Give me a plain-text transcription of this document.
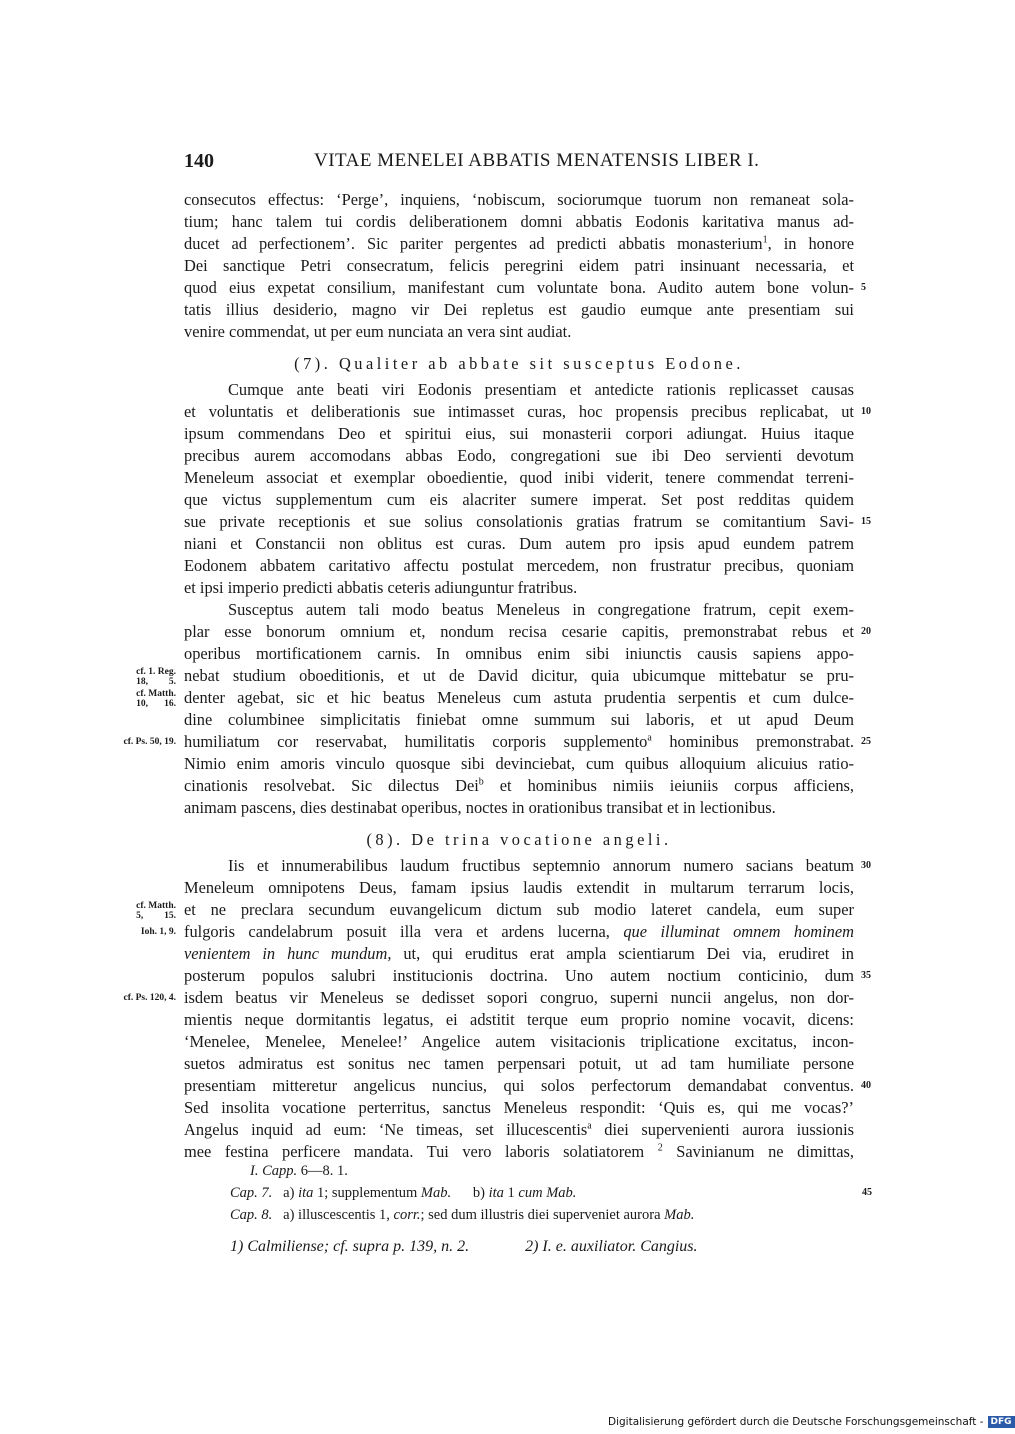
140	VITAE MENELEI ABBATIS MENATENSIS LIBER I.
consecutos effectus: ‘Perge’, inquiens, ‘nobiscum, sociorumque tuorum non remaneat sola-
tium; hanc talem tui cordis deliberationem domni abbatis Eodonis karitativa manus ad-
ducet ad perfectionem’. Sic pariter pergentes ad predicti abbatis monasterium$^1$, in honore
Dei sanctique Petri consecratum, felicis peregrini eidem patri insinuant necessaria, et
quod eius expetat consilium, manifestant cum voluntate bona. Audito autem bone volun- 5
tatis illius desiderio, magno vir Dei repletus est gaudio eumque ante presentiam sui
venire commendat, ut per eum nunciata an vera sint audiat.
(7). Qualiter ab abbate sit susceptus Eodone.
Cumque ante beati viri Eodonis presentiam et antedicte rationis replicasset causas
et voluntatis et deliberationis sue intimasset curas, hoc propensis precibus replicabat, ut 10
ipsum commendans Deo et spiritui eius, sui monasterii corpori adiungat. Huius itaque
precibus aurem accomodans abbas Eodo, congregationi sue ibi Deo servienti devotum
Meneleum associat et exemplar oboedientie, quod inibi viderit, tenere commendat terreni-
que victus supplementum cum eis alacriter sumere imperat. Set post redditas quidem
sue private receptionis et sue solius consolationis gratias fratrum se comitantium Savi- 15
niani et Constancii non oblitus est curas. Dum autem pro ipsis apud eundem patrem
Eodonem abbatem caritativo affectu postulat mercedem, non frustratur precibus, quoniam
et ipsi imperio predicti abbatis ceteris adiunguntur fratribus.
Susceptus autem tali modo beatus Meneleus in congregatione fratrum, cepit exem-
plar esse bonorum omnium et, nondum recisa cesarie capitis, premonstrabat rebus et 20
operibus mortificationem carnis. In omnibus enim sibi iniunctis causis sapiens appo-
cf. 1. Reg.
18, 5. nebat studium oboeditionis, et ut de David dicitur, quia ubicumque mittebatur se pru-
cf. Matth.
10, 16. denter agebat, sic et hic beatus Meneleus cum astuta prudentia serpentis et cum dulce-
dine columbinee simplicitatis finiebat omne summum sui laboris, et ut apud Deum
cf. Ps. 50, 19. humiliatum cor reservabat, humilitatis corporis supplemento$^a$ hominibus premonstrabat. 25
Nimio enim amoris vinculo quosque sibi devinciebat, cum quibus alloquium alicuius ratio-
cinationis resolvebat. Sic dilectus Dei$^b$ et hominibus nimiis ieiuniis corpus afficiens,
animam pascens, dies destinabat operibus, noctes in orationibus transibat et in lectionibus.
(8). De trina vocatione angeli.
Iis et innumerabilibus laudum fructibus septemnio annorum numero sacians beatum 30
Meneleum omnipotens Deus, famam ipsius laudis extendit in multarum terrarum locis,
cf. Matth.
5, 15. et ne preclara secundum euvangelicum dictum sub modio lateret candela, eum super
Ioh. 1, 9. fulgoris candelabrum posuit illa vera et ardens lucerna, que illuminat omnem hominem
venientem in hunc mundum, ut, qui eruditus erat ampla scientiarum Dei via, erudiret in
posterum populos salubri institucionis doctrina. Uno autem noctium conticinio, dum 35
cf. Ps. 120, 4. isdem beatus vir Meneleus se dedisset sopori congruo, superni nuncii angelus, non dor-
mientis neque dormitantis legatus, ei adstitit terque eum proprio nomine vocavit, dicens:
‘Menelee, Menelee, Menelee!’ Angelice autem visitacionis triplicatione excitatus, incon-
suetos admiratus est sonitus nec tamen perpensari potuit, ut ad tam humiliate persone
presentiam mitteretur angelicus nuncius, qui solos perfectorum demandabat conventus. 40
Sed insolita vocatione perterritus, sanctus Meneleus respondit: ‘Quis es, qui me vocas?’
Angelus inquid ad eum: ‘Ne timeas, set illucescentis$^a$ diei supervenienti aurora iussionis
mee festina perficere mandata. Tui vero laboris solatiatorem $^2$ Savinianum ne dimittas,
I. Capp. 6—8. 1.
Cap. 7. a) ita 1; supplementum Mab. b) ita 1 cum Mab.	45
Cap. 8. a) illuscescentis 1, corr.; sed dum illustris diei superveniet aurora Mab.
1) Calmiliense; cf. supra p. 139, n. 2.	2) I. e. auxiliator. Cangius.
Digitalisierung gefördert durch die Deutsche Forschungsgemeinschaft - DFG
